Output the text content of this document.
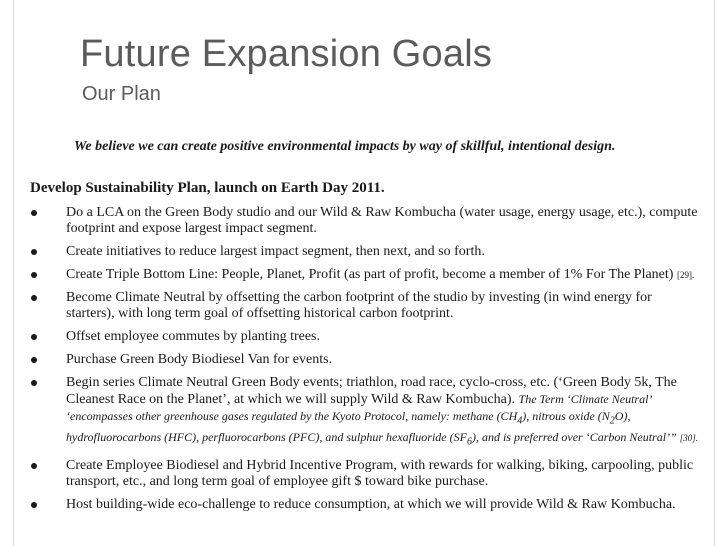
Future Expansion Goals
Our Plan
We believe we can create positive environmental impacts by way of skillful, intentional design.
Develop Sustainability Plan, launch on Earth Day 2011.
Do a LCA on the Green Body studio and our Wild & Raw Kombucha (water usage, energy usage, etc.), compute footprint and expose largest impact segment.
Create initiatives to reduce largest impact segment, then next, and so forth.
Create Triple Bottom Line: People, Planet, Profit (as part of profit, become a member of 1% For The Planet) [29].
Become Climate Neutral by offsetting the carbon footprint of the studio by investing (in wind energy for starters), with long term goal of offsetting historical carbon footprint.
Offset employee commutes by planting trees.
Purchase Green Body Biodiesel Van for events.
Begin series Climate Neutral Green Body events; triathlon, road race, cyclo-cross, etc. (‘Green Body 5k, The Cleanest Race on the Planet’, at which we will supply Wild & Raw Kombucha). The Term ‘Climate Neutral’ ‘encompasses other greenhouse gases regulated by the Kyoto Protocol, namely: methane $(CH_4)$, nitrous oxide $(N_2O)$, hydrofluorocarbons (HFC), perfluorocarbons (PFC), and sulphur hexafluoride $(SF_6)$, and is preferred over ‘Carbon Neutral’” [30].
Create Employee Biodiesel and Hybrid Incentive Program, with rewards for walking, biking, carpooling, public transport, etc., and long term goal of employee gift $ toward bike purchase.
Host building-wide eco-challenge to reduce consumption, at which we will provide Wild & Raw Kombucha.
